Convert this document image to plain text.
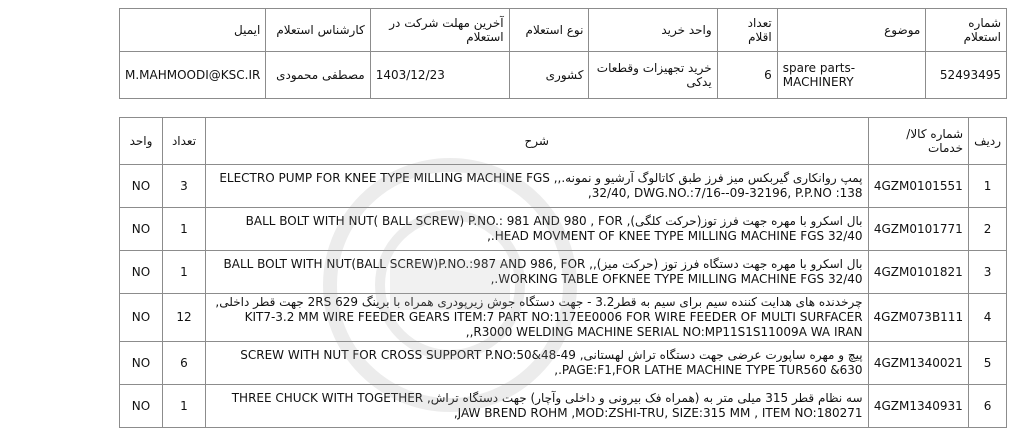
شماره استعلام	موضوع	تعداد اقلام	واحد خرید	نوع استعلام	آخرین مهلت شرکت در استعلام	کارشناس استعلام	ایمیل
52493495	spare parts-MACHINERY	6	خرید تجهیزات وقطعات یدکی	کشوری	1403/12/23	مصطفی محمودی	M.MAHMOODI@KSC.IR
ردیف	شماره کالا/خدمات	شرح	تعداد	واحد
1	4GZM0101551	پمپ روانکاری گیربکس میز فرز طبق کاتالوگ آرشیو و نمونه.,, ELECTRO PUMP FOR KNEE TYPE MILLING MACHINE FGS 32/40, DWG.NO.:7/16--09-32196, P.P.NO :138,	3	NO
2	4GZM0101771	بال اسکرو با مهره جهت فرز توز(حرکت کلگی), BALL BOLT WITH NUT( BALL SCREW) P.NO.: 981 AND 980 , FOR HEAD MOVMENT OF KNEE TYPE MILLING MACHINE FGS 32/40.,	1	NO
3	4GZM0101821	بال اسکرو با مهره جهت دستگاه فرز توز (حرکت میز),, BALL BOLT WITH NUT(BALL SCREW)P.NO.:987 AND 986, FOR WORKING TABLE OFKNEE TYPE MILLING MACHINE FGS 32/40.,	1	NO
4	4GZM073B111	چرخدنده های هدایت کننده سیم برای سیم به قطر3.2 - جهت دستگاه جوش زیرپودری همراه با برینگ 629 2RS جهت قطر داخلی, KIT7-3.2 MM WIRE FEEDER GEARS ITEM:7 PART NO:117EE0006 FOR WIRE FEEDER OF MULTI SURFACER R3000 WELDING MACHINE SERIAL NO:MP11S1S11009A WA IRAN,,	12	NO
5	4GZM1340021	پیچ و مهره ساپورت عرضی جهت دستگاه تراش لهستانی, SCREW WITH NUT FOR CROSS SUPPORT P.NO:50&48-49 PAGE:F1,FOR LATHE MACHINE TYPE TUR560 &630.,	6	NO
6	4GZM1340931	سه نظام قطر 315 میلی متر به (همراه فک بیرونی و داخلی وآچار) جهت دستگاه تراش, THREE CHUCK WITH TOGETHER JAW BREND ROHM ,MOD:ZSHI-TRU, SIZE:315 MM , ITEM NO:180271,	1	NO
